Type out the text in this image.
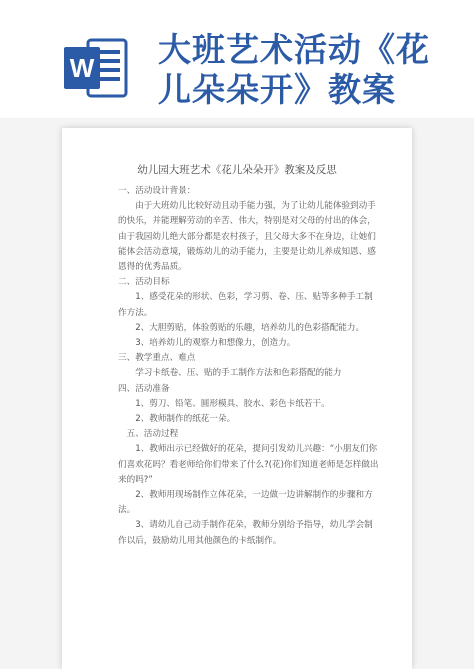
W 大班艺术活动《花
儿朵朵开》教案
幼儿园大班艺术《花儿朵朵开》教案及反思

一、活动设计背景：

由于大班幼儿比较好动且动手能力强，为了让幼儿能体验到动手的快乐，并能理解劳动的辛苦、伟大，特别是对父母的付出的体会，由于我园幼儿绝大部分都是农村孩子，且父母大多不在身边，让她们能体会活动意境，锻炼幼儿的动手能力，主要是让幼儿养成知恩、感恩得的优秀品质。

二、活动目标

1、感受花朵的形状、色彩，学习剪、卷、压、贴等多种手工制作方法。

2、大胆剪贴，体验剪贴的乐趣，培养幼儿的色彩搭配能力。

3、培养幼儿的观察力和想像力，创造力。

三、教学重点、难点

学习卡纸卷、压、贴的手工制作方法和色彩搭配的能力

四、活动准备

1、剪刀、铅笔、圆形模具、胶水、彩色卡纸若干。

2、教师制作的纸花一朵。

五、活动过程

1、教师出示已经做好的花朵，提问引发幼儿兴趣：“小朋友们你们喜欢花吗？看老师给你们带来了什么?(花)你们知道老师是怎样做出来的吗?”

2、教师用现场制作立体花朵，一边做一边讲解制作的步骤和方法。

3、请幼儿自己动手制作花朵，教师分别给予指导，幼儿学会制作以后，鼓励幼儿用其他颜色的卡纸制作。
